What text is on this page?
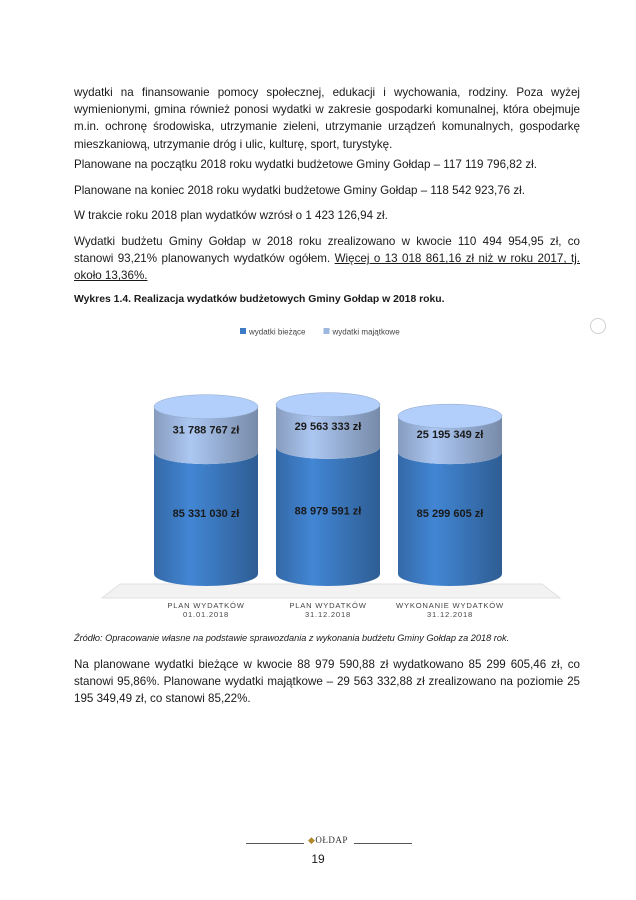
wydatki na finansowanie pomocy społecznej, edukacji i wychowania, rodziny. Poza wyżej wymienionymi, gmina również ponosi wydatki w zakresie gospodarki komunalnej, która obejmuje m.in. ochronę środowiska, utrzymanie zieleni, utrzymanie urządzeń komunalnych, gospodarkę mieszkaniową, utrzymanie dróg i ulic, kulturę, sport, turystykę.

Planowane na początku 2018 roku wydatki budżetowe Gminy Gołdap – 117 119 796,82 zł.

Planowane na koniec 2018 roku wydatki budżetowe Gminy Gołdap – 118 542 923,76 zł.

W trakcie roku 2018 plan wydatków wzrósł o 1 423 126,94 zł.

Wydatki budżetu Gminy Gołdap w 2018 roku zrealizowano w kwocie 110 494 954,95 zł, co stanowi 93,21% planowanych wydatków ogółem. Więcej o 13 018 861,16 zł niż w roku 2017, tj. około 13,36%.

Wykres 1.4. Realizacja wydatków budżetowych Gminy Gołdap w 2018 roku.

wydatki bieżące	wydatki majątkowe
85 331 030 zł
31 788 767 zł
PLAN WYDATKÓW
01.01.2018
88 979 591 zł
29 563 333 zł
PLAN WYDATKÓW
31.12.2018
85 299 605 zł
25 195 349 zł
WYKONANIE WYDATKÓW
31.12.2018

Źródło: Opracowanie własne na podstawie sprawozdania z wykonania budżetu Gminy Gołdap za 2018 rok.

Na planowane wydatki bieżące w kwocie 88 979 590,88 zł wydatkowano 85 299 605,46 zł, co stanowi 95,86%. Planowane wydatki majątkowe – 29 563 332,88 zł zrealizowano na poziomie 25 195 349,49 zł, co stanowi 85,22%.

◆OŁDAP
19
